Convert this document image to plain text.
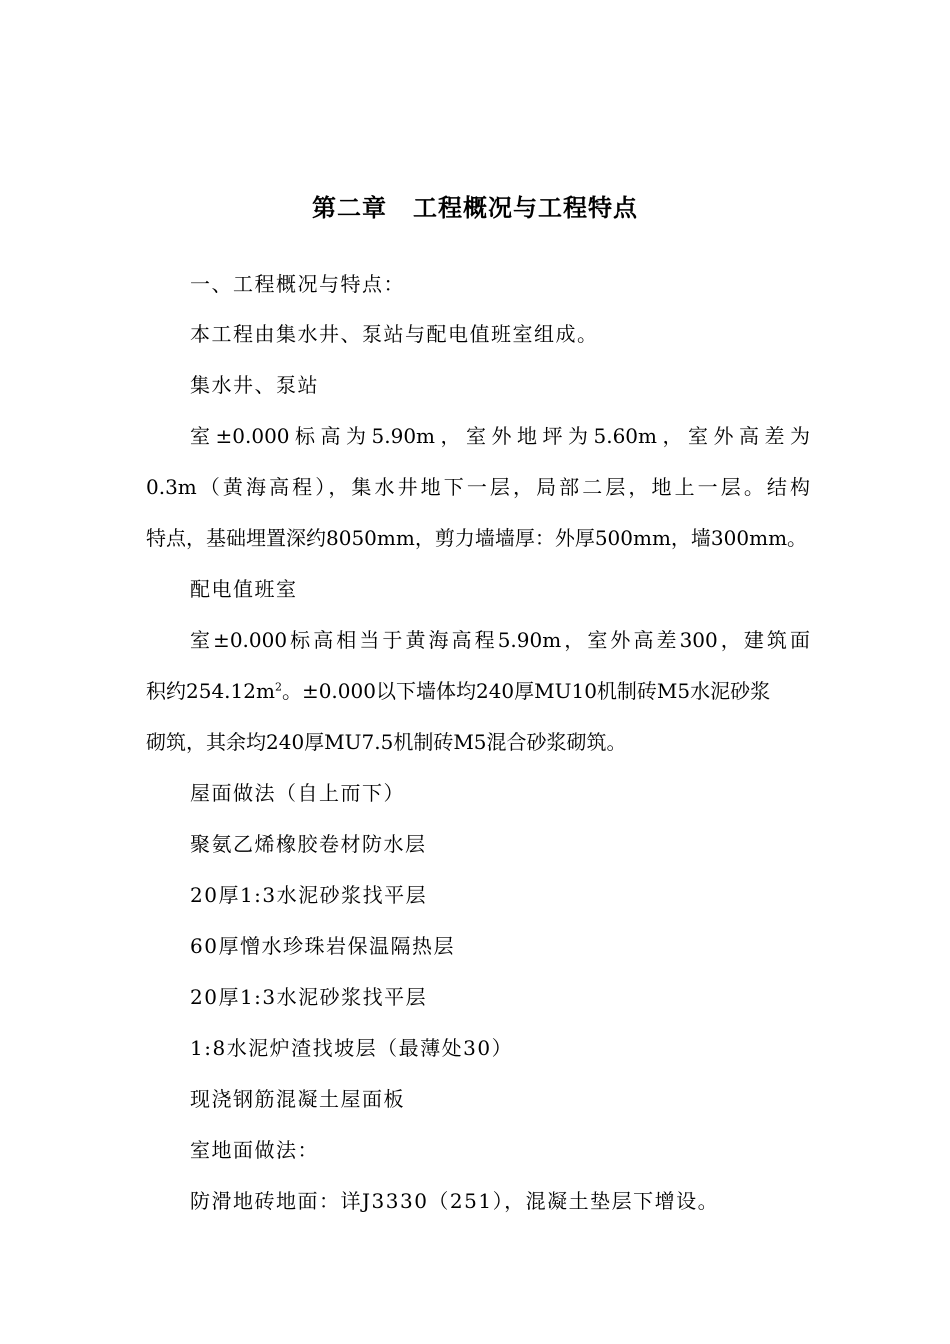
第二章 工程概况与工程特点
一、工程概况与特点：
本工程由集水井、泵站与配电值班室组成。
集水井、泵站
室±0.000标高为5.90m，室外地坪为5.60m，室外高差为
0.3m（黄海高程），集水井地下一层，局部二层，地上一层。结构
特点，基础埋置深约8050mm，剪力墙墙厚：外厚500mm，墙300mm。
配电值班室
室±0.000标高相当于黄海高程5.90m，室外高差300，建筑面
积约$254.12m^2$。±0.000以下墙体均240厚MU10机制砖M5水泥砂浆
砌筑，其余均240厚MU7.5机制砖M5混合砂浆砌筑。
屋面做法（自上而下）
聚氨乙烯橡胶卷材防水层
20厚1:3水泥砂浆找平层
60厚憎水珍珠岩保温隔热层
20厚1:3水泥砂浆找平层
1:8水泥炉渣找坡层（最薄处30）
现浇钢筋混凝土屋面板
室地面做法：
防滑地砖地面：详J3330（251），混凝土垫层下增设。
